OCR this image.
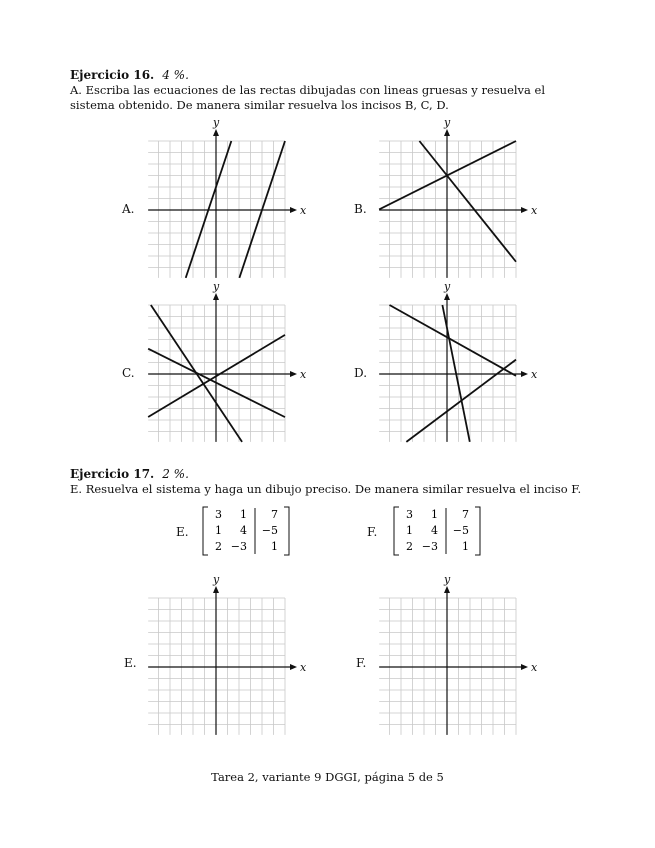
Ejercicio 16. 4 %.
A. Escriba las ecuaciones de las rectas dibujadas con lineas gruesas y resuelva el sistema obtenido. De manera similar resuelva los incisos B, C, D.
A.	B.
C.	D.
x
y
x
y
x
y
x
y
Ejercicio 17. 2 %.
E. Resuelva el sistema y haga un dibujo preciso. De manera similar resuelva el inciso F.
E.
3 1 7
1 4 −5
2 −3 1
F.
3 1 7
1 4 −5
2 −3 1
E.	F.
x
y
x
y
Tarea 2, variante 9 DGGI, página 5 de 5
